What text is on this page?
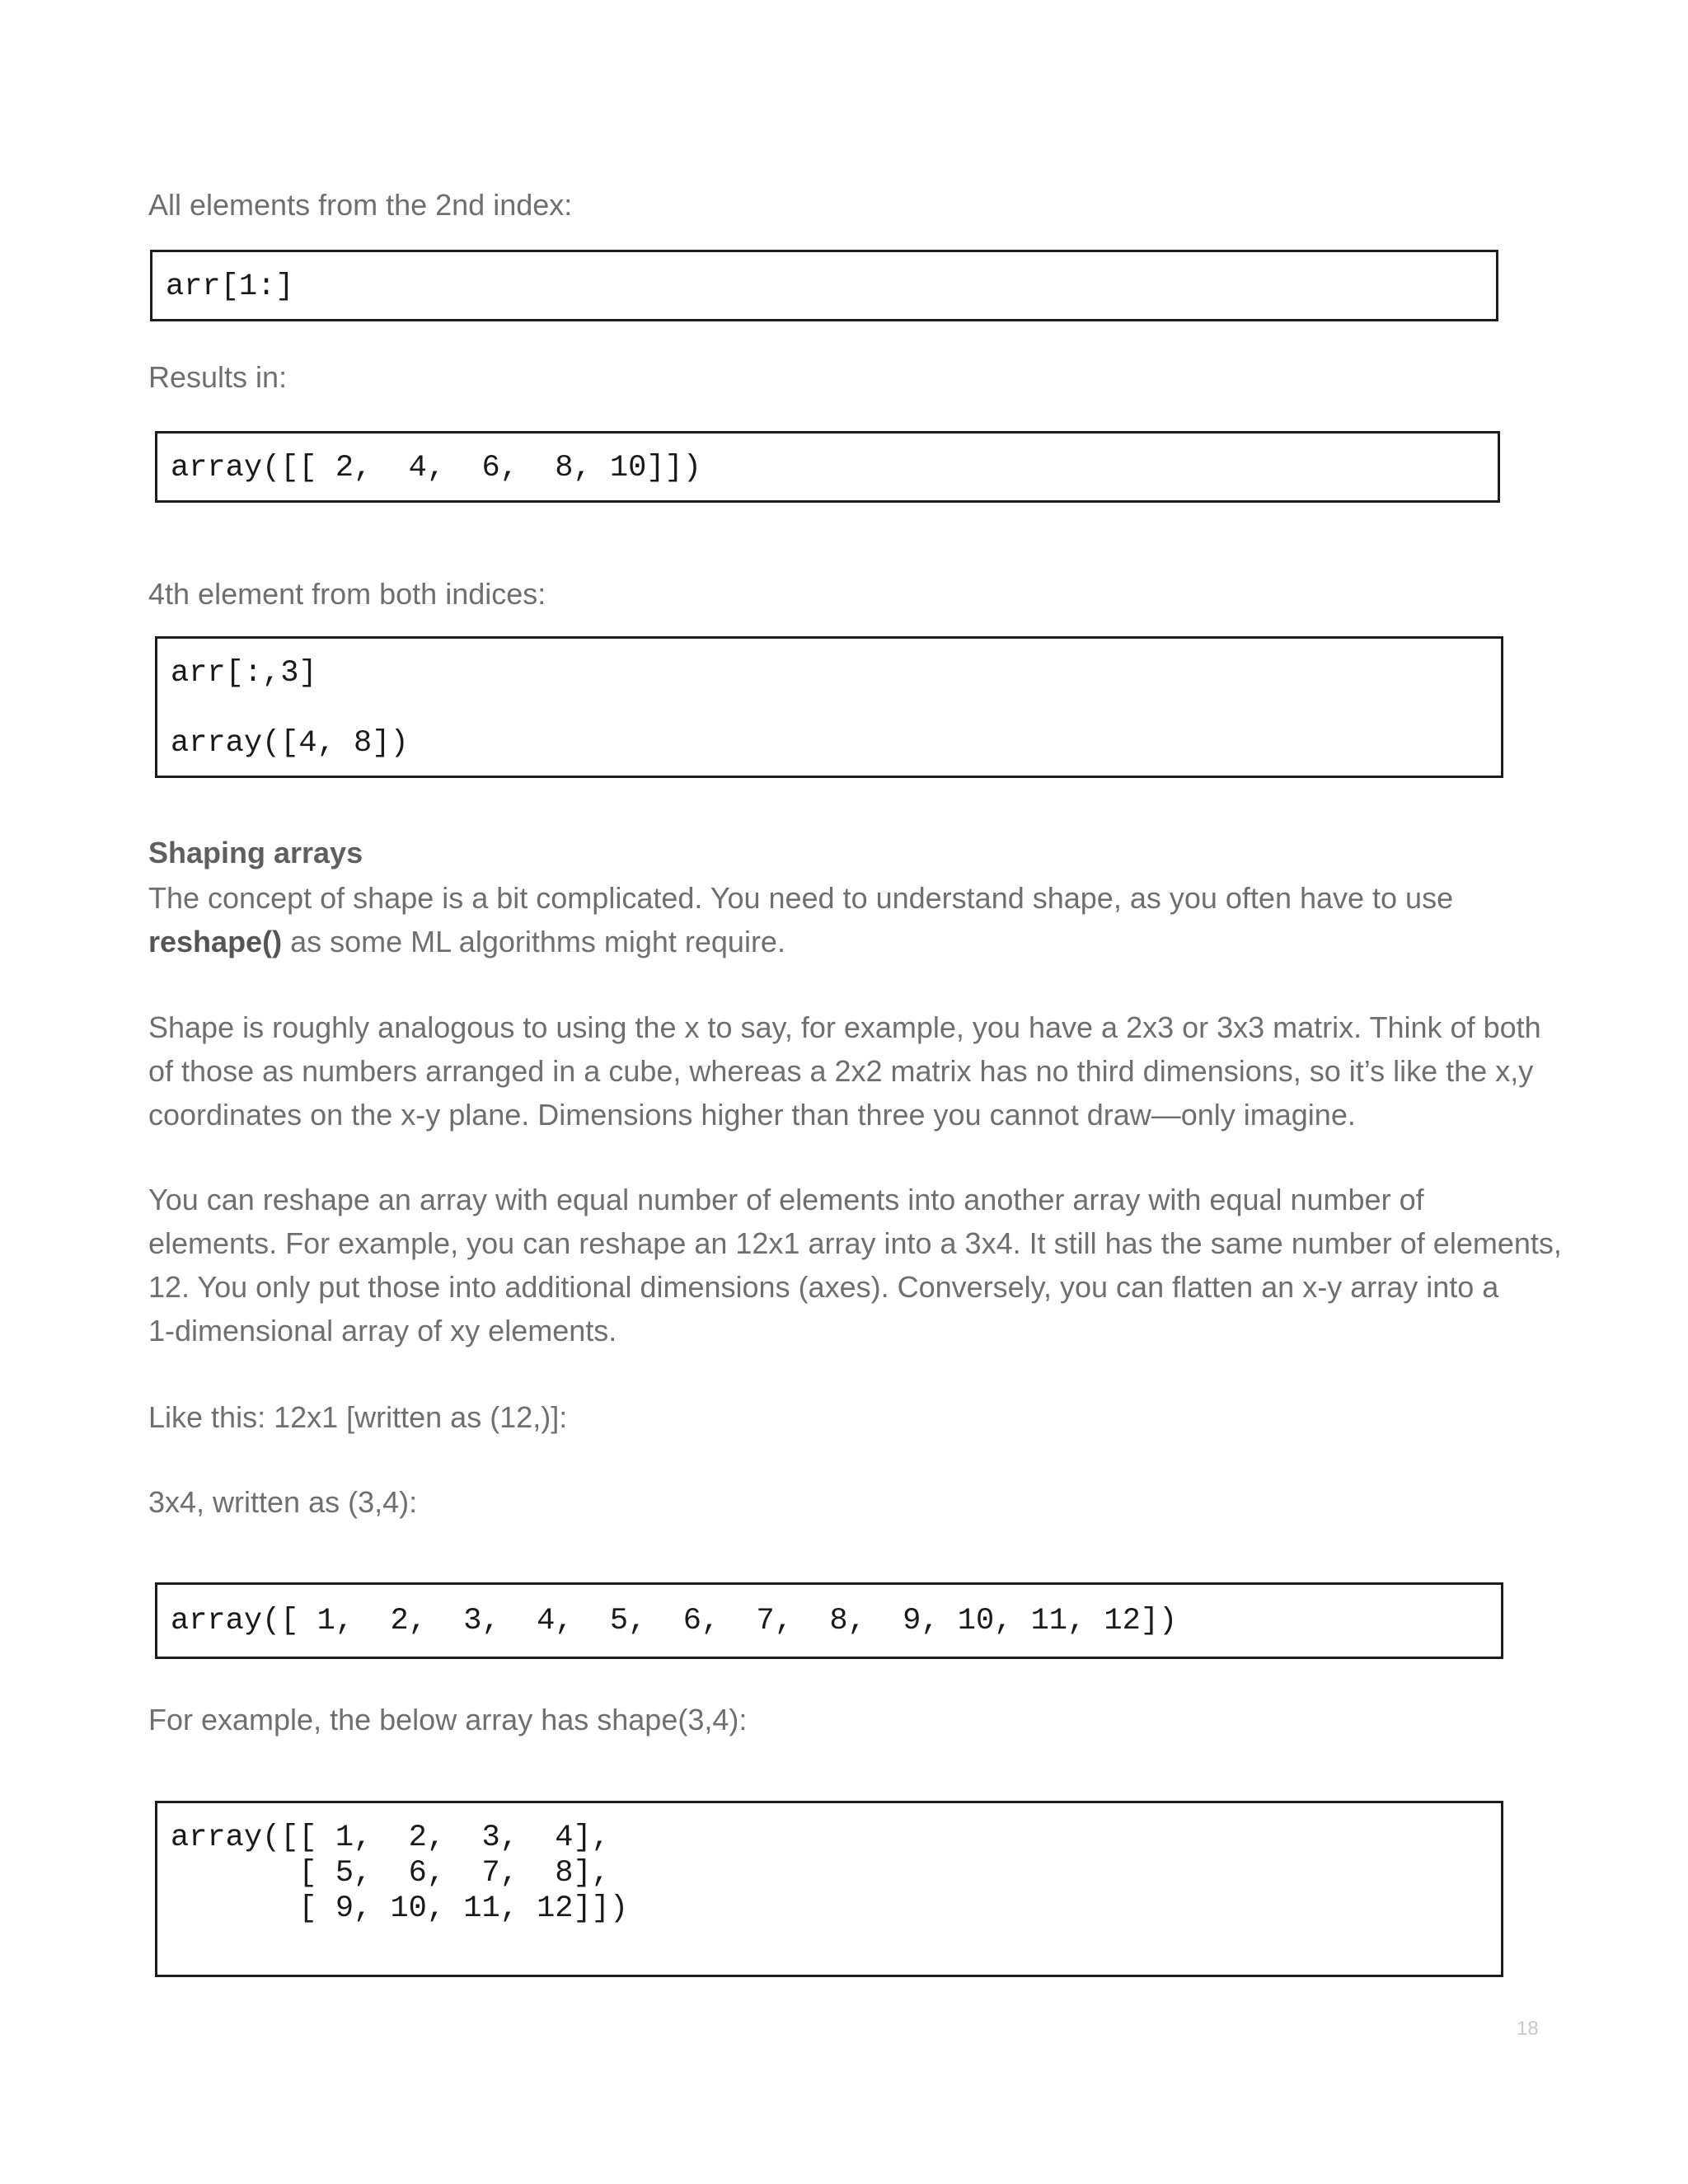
All elements from the 2nd index:

arr[1:]

Results in:

array([[ 2,  4,  6,  8, 10]])

4th element from both indices:

arr[:,3]

array([4, 8])

Shaping arrays

The concept of shape is a bit complicated. You need to understand shape, as you often have to use
reshape() as some ML algorithms might require.
Shape is roughly analogous to using the x to say, for example, you have a 2x3 or 3x3 matrix. Think of both
of those as numbers arranged in a cube, whereas a 2x2 matrix has no third dimensions, so it’s like the x,y
coordinates on the x-y plane. Dimensions higher than three you cannot draw—only imagine.
You can reshape an array with equal number of elements into another array with equal number of
elements. For example, you can reshape an 12x1 array into a 3x4. It still has the same number of elements,
12. You only put those into additional dimensions (axes). Conversely, you can flatten an x-y array into a
1-dimensional array of xy elements.

Like this: 12x1 [written as (12,)]:

3x4, written as (3,4):

array([ 1,  2,  3,  4,  5,  6,  7,  8,  9, 10, 11, 12])

For example, the below array has shape(3,4):

array([[ 1,  2,  3,  4],

[ 5,  6,  7,  8],

[ 9, 10, 11, 12]])

18
